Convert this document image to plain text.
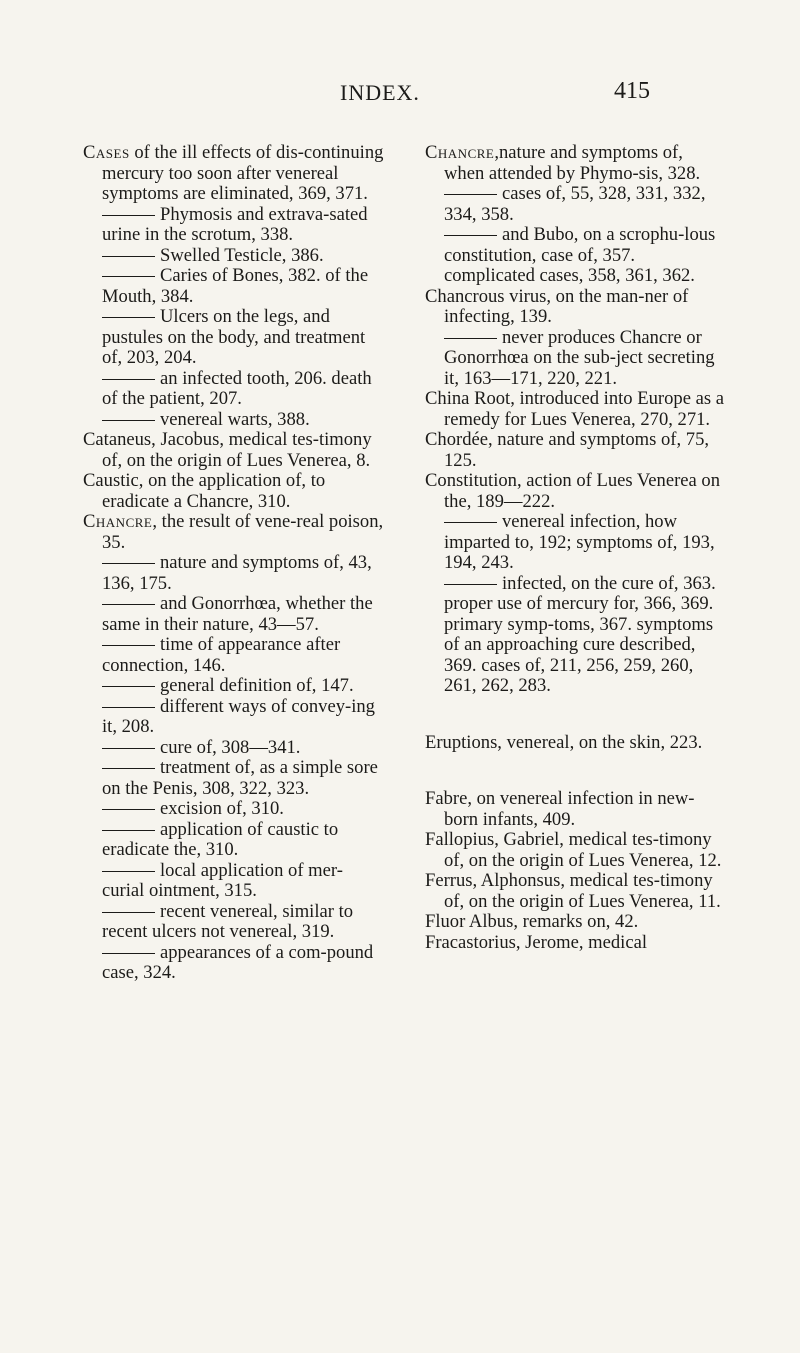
INDEX.	415

Cases of the ill effects of dis-continuing mercury too soon after venereal symptoms are eliminated, 369, 371.

Phymosis and extrava-sated urine in the scrotum, 338.

Swelled Testicle, 386.

Caries of Bones, 382. of the Mouth, 384.

Ulcers on the legs, and pustules on the body, and treatment of, 203, 204.

an infected tooth, 206. death of the patient, 207.

venereal warts, 388.

Cataneus, Jacobus, medical tes-timony of, on the origin of Lues Venerea, 8.

Caustic, on the application of, to eradicate a Chancre, 310.

Chancre, the result of vene-real poison, 35.

nature and symptoms of, 43, 136, 175.

and Gonorrhœa, whether the same in their nature, 43—57.

time of appearance after connection, 146.

general definition of, 147.

different ways of convey-ing it, 208.

cure of, 308—341.

treatment of, as a simple sore on the Penis, 308, 322, 323.

excision of, 310.

application of caustic to eradicate the, 310.

local application of mer-curial ointment, 315.

recent venereal, similar to recent ulcers not venereal, 319.

appearances of a com-pound case, 324.

Chancre,nature and symptoms of, when attended by Phymo-sis, 328.

cases of, 55, 328, 331, 332, 334, 358.

and Bubo, on a scrophu-lous constitution, case of, 357. complicated cases, 358, 361, 362.

Chancrous virus, on the man-ner of infecting, 139.

never produces Chancre or Gonorrhœa on the sub-ject secreting it, 163—171, 220, 221.

China Root, introduced into Europe as a remedy for Lues Venerea, 270, 271.

Chordée, nature and symptoms of, 75, 125.

Constitution, action of Lues Venerea on the, 189—222.

venereal infection, how imparted to, 192; symptoms of, 193, 194, 243.

infected, on the cure of, 363. proper use of mercury for, 366, 369. primary symp-toms, 367. symptoms of an approaching cure described, 369. cases of, 211, 256, 259, 260, 261, 262, 283.

Eruptions, venereal, on the skin, 223.

Fabre, on venereal infection in new-born infants, 409.

Fallopius, Gabriel, medical tes-timony of, on the origin of Lues Venerea, 12.

Ferrus, Alphonsus, medical tes-timony of, on the origin of Lues Venerea, 11.

Fluor Albus, remarks on, 42.

Fracastorius, Jerome, medical
